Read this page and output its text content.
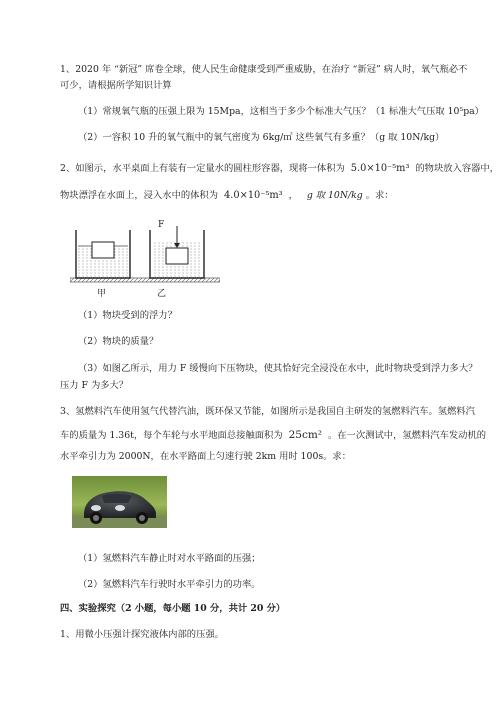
1、2020 年 “新冠” 席卷全球，使人民生命健康受到严重威胁，在治疗 “新冠” 病人时，氧气瓶必不
可少，请根据所学知识计算
（1）常规氧气瓶的压强上限为 15Mpa，这相当于多少个标准大气压？（1 标准大气压取 10⁵pa）
（2）一容积 10 升的氧气瓶中的氧气密度为 6kg/㎥ 这些氧气有多重？（g 取 10N/kg）
2、如图示，水平桌面上有装有一定量水的圆柱形容器，现将一体积为 5.0×10⁻⁵m³ 的物块放入容器中，
物块漂浮在水面上，浸入水中的体积为 4.0×10⁻⁵m³ ， g 取 10N/kg 。求：
F
甲	乙
（1）物块受到的浮力？
（2）物块的质量？
（3）如图乙所示，用力 F 缓慢向下压物块，使其恰好完全浸没在水中，此时物块受到浮力多大？
压力 F 为多大？
3、氢燃料汽车使用氢气代替汽油，既环保又节能，如图所示是我国自主研发的氢燃料汽车。氢燃料汽
车的质量为 1.36t，每个车轮与水平地面总接触面积为 25cm² 。在一次测试中，氢燃料汽车发动机的
水平牵引力为 2000N，在水平路面上匀速行驶 2km 用时 100s。求：
（1）氢燃料汽车静止时对水平路面的压强；
（2）氢燃料汽车行驶时水平牵引力的功率。
四、实验探究（2 小题，每小题 10 分，共计 20 分）
1、用微小压强计探究液体内部的压强。
